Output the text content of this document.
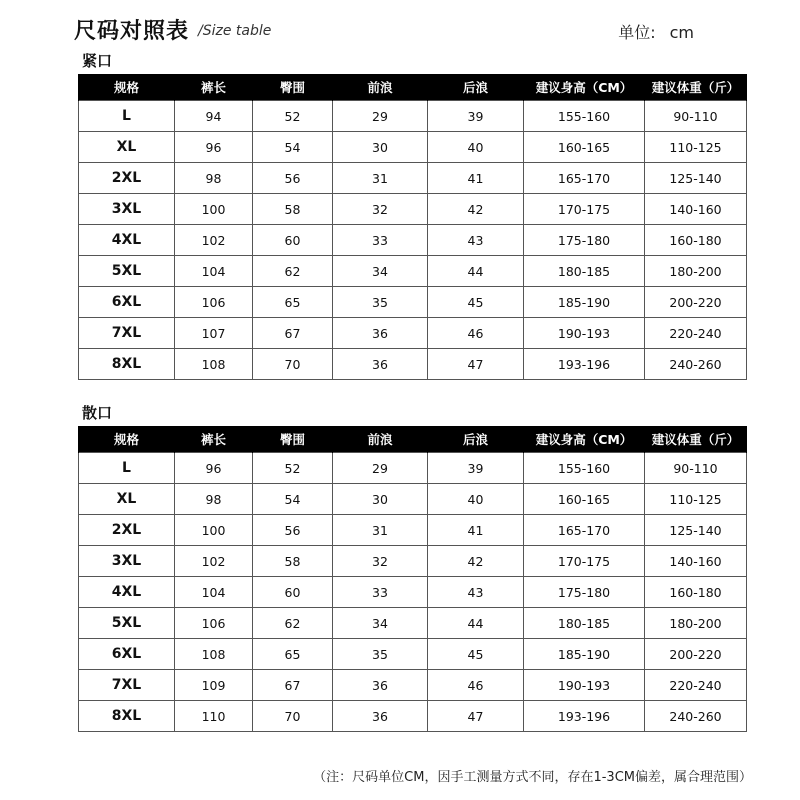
尺码对照表 /Size table	单位: cm
紧口
规格	裤长	臀围	前浪	后浪	建议身高（CM）	建议体重（斤）
L	94	52	29	39	155-160	90-110
XL	96	54	30	40	160-165	110-125
2XL	98	56	31	41	165-170	125-140
3XL	100	58	32	42	170-175	140-160
4XL	102	60	33	43	175-180	160-180
5XL	104	62	34	44	180-185	180-200
6XL	106	65	35	45	185-190	200-220
7XL	107	67	36	46	190-193	220-240
8XL	108	70	36	47	193-196	240-260
散口
规格	裤长	臀围	前浪	后浪	建议身高（CM）	建议体重（斤）
L	96	52	29	39	155-160	90-110
XL	98	54	30	40	160-165	110-125
2XL	100	56	31	41	165-170	125-140
3XL	102	58	32	42	170-175	140-160
4XL	104	60	33	43	175-180	160-180
5XL	106	62	34	44	180-185	180-200
6XL	108	65	35	45	185-190	200-220
7XL	109	67	36	46	190-193	220-240
8XL	110	70	36	47	193-196	240-260
（注：尺码单位CM，因手工测量方式不同，存在1-3CM偏差，属合理范围）
